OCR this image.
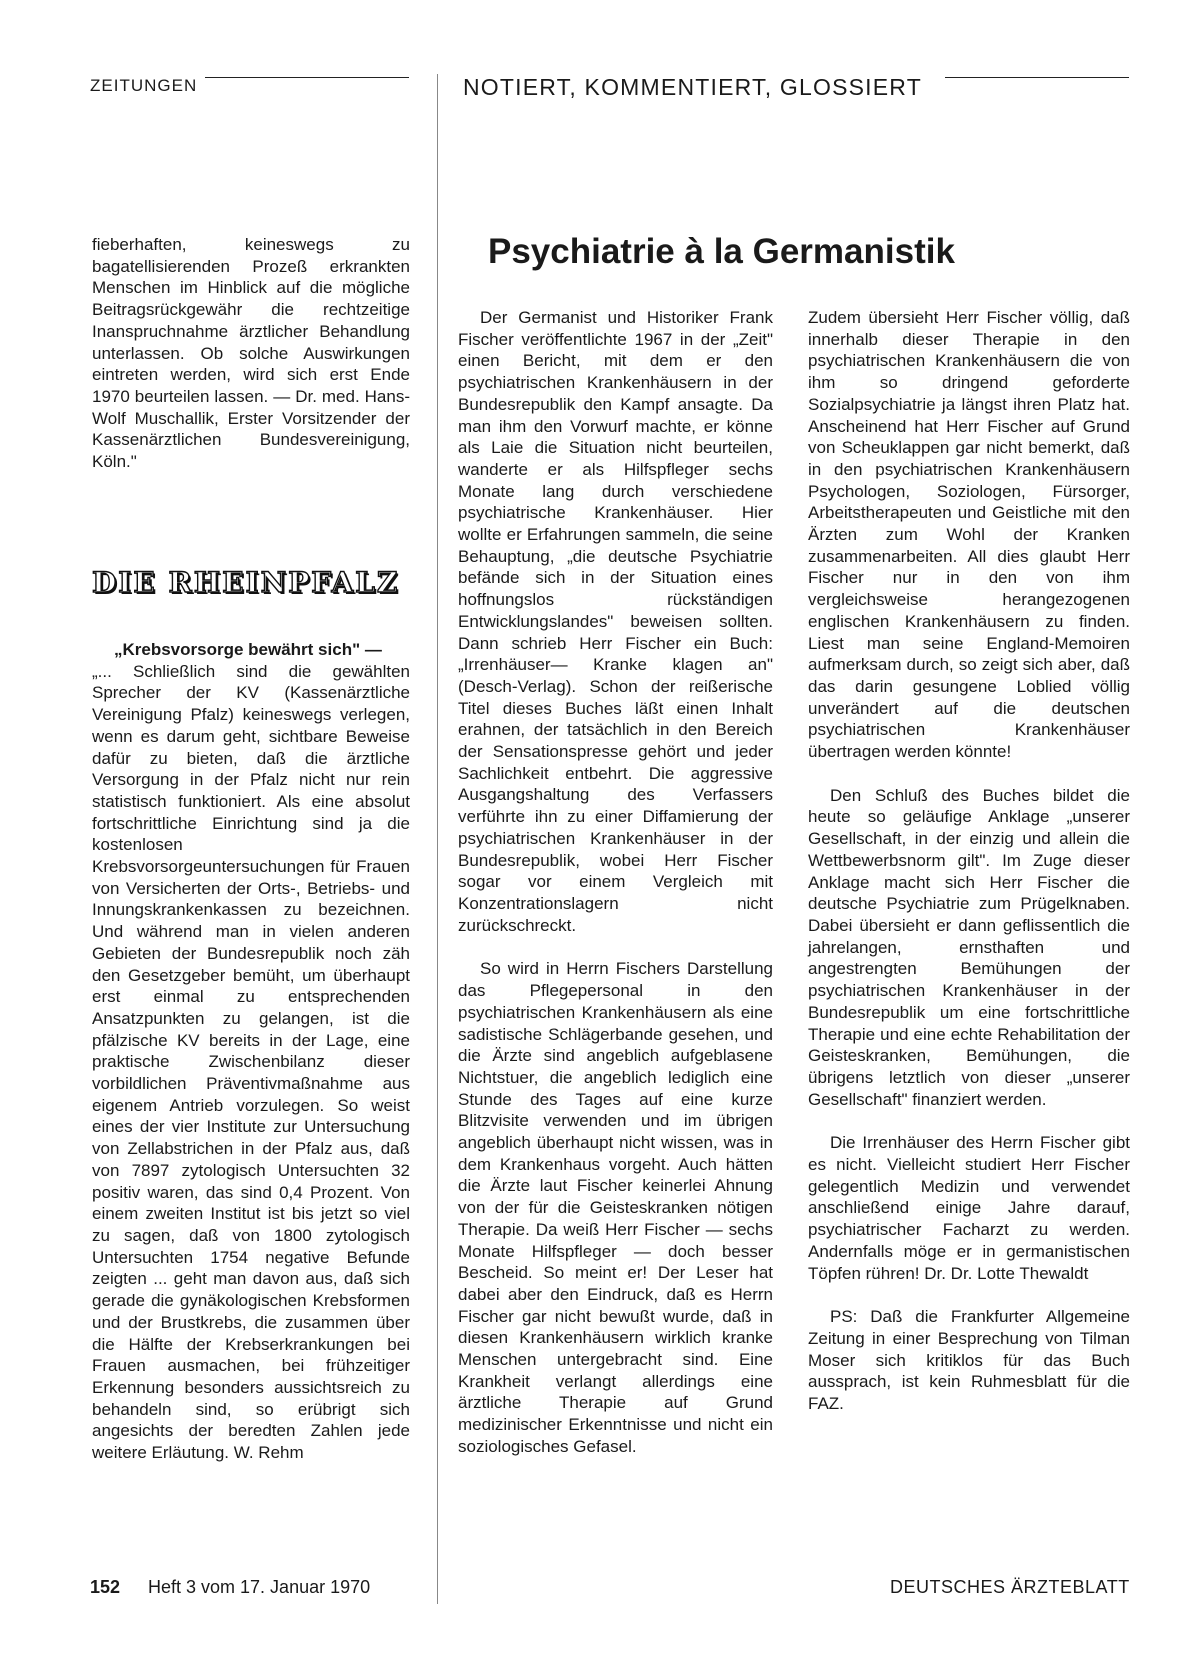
ZEITUNGEN	NOTIERT, KOMMENTIERT, GLOSSIERT

fieberhaften, keineswegs zu bagatellisierenden Prozeß erkrankten Menschen im Hinblick auf die mögliche Beitragsrückgewähr die rechtzeitige Inanspruchnahme ärztlicher Behandlung unterlassen. Ob solche Auswirkungen eintreten werden, wird sich erst Ende 1970 beurteilen lassen. — Dr. med. Hans-Wolf Muschallik, Erster Vorsitzender der Kassenärztlichen Bundesvereinigung, Köln."

DIE RHEINPFALZ

„Krebsvorsorge bewährt sich" —

„... Schließlich sind die gewählten Sprecher der KV (Kassenärztliche Vereinigung Pfalz) keineswegs verlegen, wenn es darum geht, sichtbare Beweise dafür zu bieten, daß die ärztliche Versorgung in der Pfalz nicht nur rein statistisch funktioniert. Als eine absolut fortschrittliche Einrichtung sind ja die kostenlosen Krebsvorsorgeuntersuchungen für Frauen von Versicherten der Orts-, Betriebs- und Innungskrankenkassen zu bezeichnen. Und während man in vielen anderen Gebieten der Bundesrepublik noch zäh den Gesetzgeber bemüht, um überhaupt erst einmal zu entsprechenden Ansatzpunkten zu gelangen, ist die pfälzische KV bereits in der Lage, eine praktische Zwischenbilanz dieser vorbildlichen Präventivmaßnahme aus eigenem Antrieb vorzulegen. So weist eines der vier Institute zur Untersuchung von Zellabstrichen in der Pfalz aus, daß von 7897 zytologisch Untersuchten 32 positiv waren, das sind 0,4 Prozent. Von einem zweiten Institut ist bis jetzt so viel zu sagen, daß von 1800 zytologisch Untersuchten 1754 negative Befunde zeigten ... geht man davon aus, daß sich gerade die gynäkologischen Krebsformen und der Brustkrebs, die zusammen über die Hälfte der Krebserkrankungen bei Frauen ausmachen, bei frühzeitiger Erkennung besonders aussichtsreich zu behandeln sind, so erübrigt sich angesichts der beredten Zahlen jede weitere Erläutung. W. Rehm

Psychiatrie à la Germanistik

Der Germanist und Historiker Frank Fischer veröffentlichte 1967 in der „Zeit" einen Bericht, mit dem er den psychiatrischen Krankenhäusern in der Bundesrepublik den Kampf ansagte. Da man ihm den Vorwurf machte, er könne als Laie die Situation nicht beurteilen, wanderte er als Hilfspfleger sechs Monate lang durch verschiedene psychiatrische Krankenhäuser. Hier wollte er Erfahrungen sammeln, die seine Behauptung, „die deutsche Psychiatrie befände sich in der Situation eines hoffnungslos rückständigen Entwicklungslandes" beweisen sollten. Dann schrieb Herr Fischer ein Buch: „Irrenhäuser— Kranke klagen an" (Desch-Verlag). Schon der reißerische Titel dieses Buches läßt einen Inhalt erahnen, der tatsächlich in den Bereich der Sensationspresse gehört und jeder Sachlichkeit entbehrt. Die aggressive Ausgangshaltung des Verfassers verführte ihn zu einer Diffamierung der psychiatrischen Krankenhäuser in der Bundesrepublik, wobei Herr Fischer sogar vor einem Vergleich mit Konzentrationslagern nicht zurückschreckt.

So wird in Herrn Fischers Darstellung das Pflegepersonal in den psychiatrischen Krankenhäusern als eine sadistische Schlägerbande gesehen, und die Ärzte sind angeblich aufgeblasene Nichtstuer, die angeblich lediglich eine Stunde des Tages auf eine kurze Blitzvisite verwenden und im übrigen angeblich überhaupt nicht wissen, was in dem Krankenhaus vorgeht. Auch hätten die Ärzte laut Fischer keinerlei Ahnung von der für die Geisteskranken nötigen Therapie. Da weiß Herr Fischer — sechs Monate Hilfspfleger — doch besser Bescheid. So meint er! Der Leser hat dabei aber den Eindruck, daß es Herrn Fischer gar nicht bewußt wurde, daß in diesen Krankenhäusern wirklich kranke Menschen untergebracht sind. Eine Krankheit verlangt allerdings eine ärztliche Therapie auf Grund medizinischer Erkenntnisse und nicht ein soziologisches Gefasel.

Zudem übersieht Herr Fischer völlig, daß innerhalb dieser Therapie in den psychiatrischen Krankenhäusern die von ihm so dringend geforderte Sozialpsychiatrie ja längst ihren Platz hat. Anscheinend hat Herr Fischer auf Grund von Scheuklappen gar nicht bemerkt, daß in den psychiatrischen Krankenhäusern Psychologen, Soziologen, Fürsorger, Arbeitstherapeuten und Geistliche mit den Ärzten zum Wohl der Kranken zusammenarbeiten. All dies glaubt Herr Fischer nur in den von ihm vergleichsweise herangezogenen englischen Krankenhäusern zu finden. Liest man seine England-Memoiren aufmerksam durch, so zeigt sich aber, daß das darin gesungene Loblied völlig unverändert auf die deutschen psychiatrischen Krankenhäuser übertragen werden könnte!

Den Schluß des Buches bildet die heute so geläufige Anklage „unserer Gesellschaft, in der einzig und allein die Wettbewerbsnorm gilt". Im Zuge dieser Anklage macht sich Herr Fischer die deutsche Psychiatrie zum Prügelknaben. Dabei übersieht er dann geflissentlich die jahrelangen, ernsthaften und angestrengten Bemühungen der psychiatrischen Krankenhäuser in der Bundesrepublik um eine fortschrittliche Therapie und eine echte Rehabilitation der Geisteskranken, Bemühungen, die übrigens letztlich von dieser „unserer Gesellschaft" finanziert werden.

Die Irrenhäuser des Herrn Fischer gibt es nicht. Vielleicht studiert Herr Fischer gelegentlich Medizin und verwendet anschließend einige Jahre darauf, psychiatrischer Facharzt zu werden. Andernfalls möge er in germanistischen Töpfen rühren! Dr. Dr. Lotte Thewaldt

PS: Daß die Frankfurter Allgemeine Zeitung in einer Besprechung von Tilman Moser sich kritiklos für das Buch aussprach, ist kein Ruhmesblatt für die FAZ.

152 Heft 3 vom 17. Januar 1970	DEUTSCHES ÄRZTEBLATT
